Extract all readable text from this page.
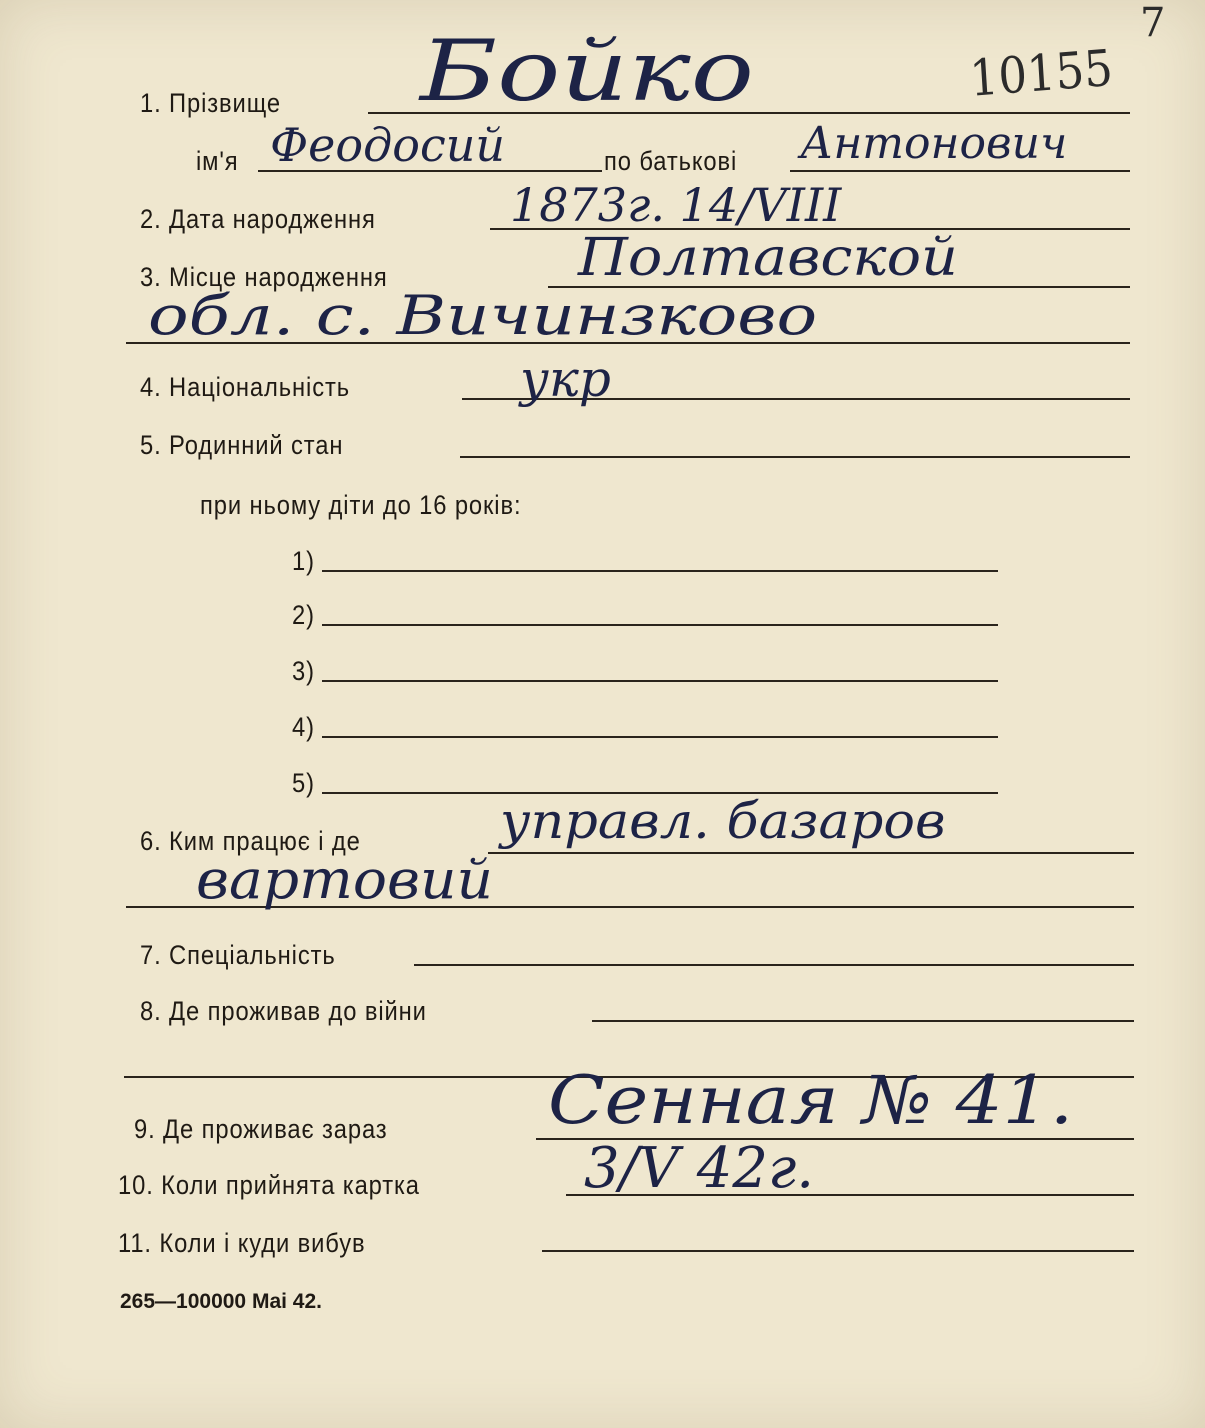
10155
7
1. Прізвище Бойко
ім'я Феодосий	по батькові Антонович
2. Дата народження	1873г. 14/VIII
3. Місце народження	Полтавской
обл. с. Вичинзково
4. Національність	укр
5. Родинний стан
при ньому діти до 16 років:
1)
2)
3)
4)
5)
6. Ким працює і де	управл. базаров
вартовий
7. Спеціальність
8. Де проживав до війни
9. Де проживає зараз Сенная № 41.
10. Коли прийнята картка	3/V 42г.
11. Коли і куди вибув
265—100000 Mai 42.
